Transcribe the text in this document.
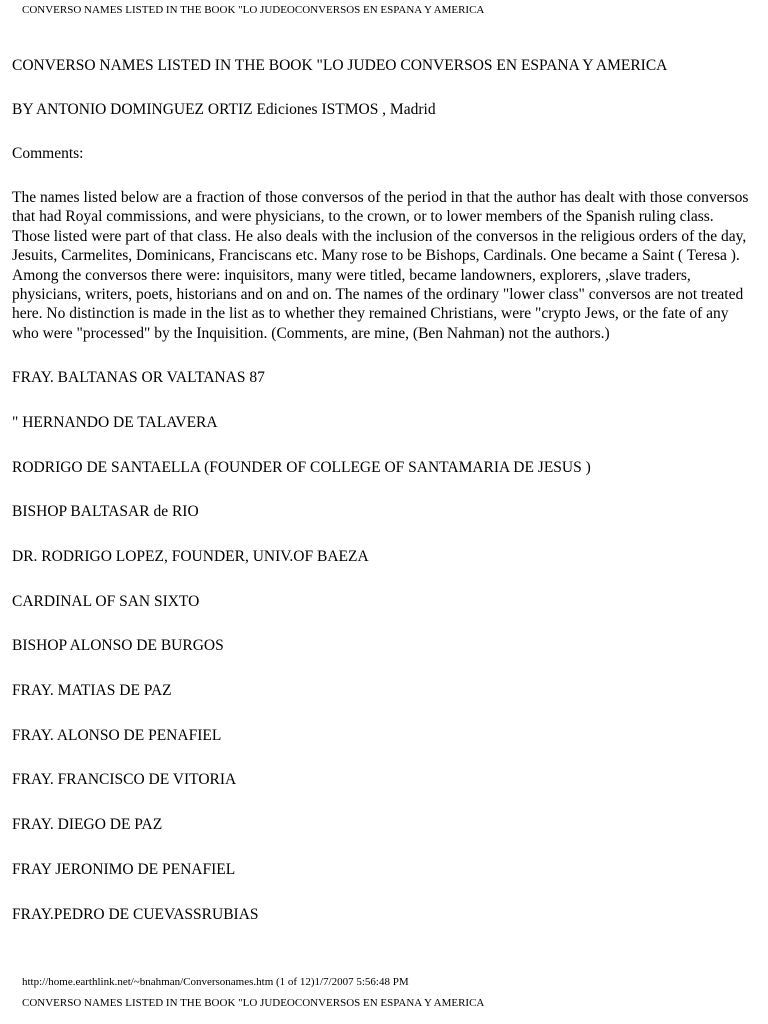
CONVERSO NAMES LISTED IN THE BOOK "LO JUDEOCONVERSOS EN ESPANA Y AMERICA

CONVERSO NAMES LISTED IN THE BOOK "LO JUDEO CONVERSOS EN ESPANA Y AMERICA

BY ANTONIO DOMINGUEZ ORTIZ Ediciones ISTMOS , Madrid

Comments:

The names listed below are a fraction of those conversos of the period in that the author has dealt with those conversos that had Royal commissions, and were physicians, to the crown, or to lower members of the Spanish ruling class. Those listed were part of that class. He also deals with the inclusion of the conversos in the religious orders of the day, Jesuits, Carmelites, Dominicans, Franciscans etc. Many rose to be Bishops, Cardinals. One became a Saint ( Teresa ). Among the conversos there were: inquisitors, many were titled, became landowners, explorers, ,slave traders, physicians, writers, poets, historians and on and on. The names of the ordinary "lower class" conversos are not treated here. No distinction is made in the list as to whether they remained Christians, were "crypto Jews, or the fate of any who were "processed" by the Inquisition. (Comments, are mine, (Ben Nahman) not the authors.)

FRAY. BALTANAS OR VALTANAS 87
" HERNANDO DE TALAVERA
RODRIGO DE SANTAELLA (FOUNDER OF COLLEGE OF SANTAMARIA DE JESUS )
BISHOP BALTASAR de RIO
DR. RODRIGO LOPEZ, FOUNDER, UNIV.OF BAEZA
CARDINAL OF SAN SIXTO
BISHOP ALONSO DE BURGOS
FRAY. MATIAS DE PAZ
FRAY. ALONSO DE PENAFIEL
FRAY. FRANCISCO DE VITORIA
FRAY. DIEGO DE PAZ
FRAY JERONIMO DE PENAFIEL
FRAY.PEDRO DE CUEVASSRUBIAS
http://home.earthlink.net/~bnahman/Conversonames.htm (1 of 12)1/7/2007 5:56:48 PM
CONVERSO NAMES LISTED IN THE BOOK "LO JUDEOCONVERSOS EN ESPANA Y AMERICA
